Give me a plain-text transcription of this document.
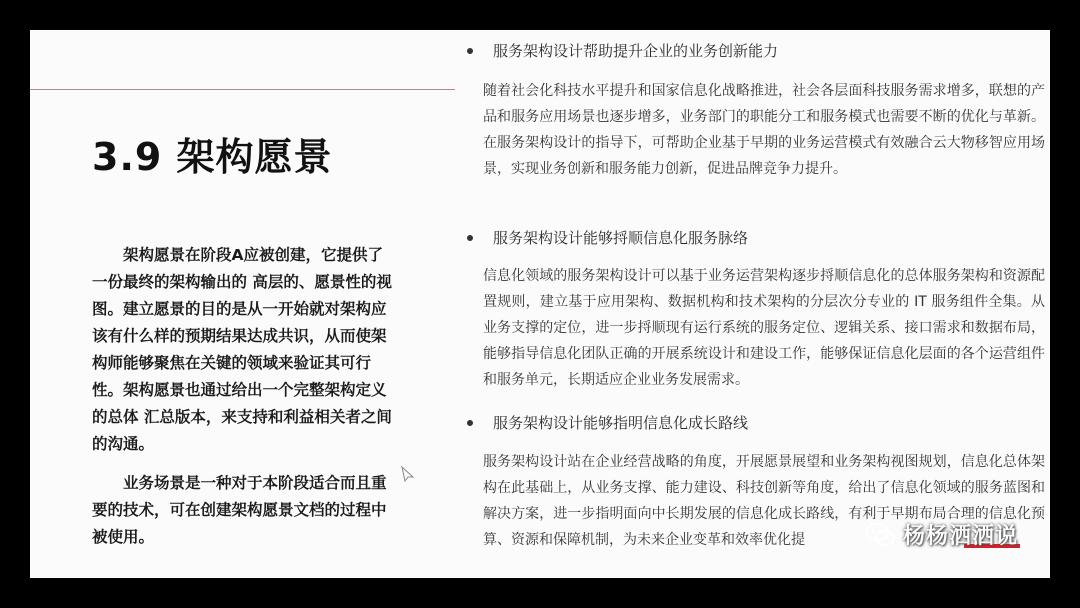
3.9 架构愿景

架构愿景在阶段A应被创建，它提供了一份最终的架构输出的 高层的、愿景性的视图。建立愿景的目的是从一开始就对架构应该有什么样的预期结果达成共识，从而使架构师能够聚焦在关键的领域来验证其可行性。架构愿景也通过给出一个完整架构定义的总体 汇总版本，来支持和利益相关者之间的沟通。

业务场景是一种对于本阶段适合而且重要的技术，可在创建架构愿景文档的过程中被使用。

服务架构设计帮助提升企业的业务创新能力

随着社会化科技水平提升和国家信息化战略推进，社会各层面科技服务需求增多，联想的产品和服务应用场景也逐步增多，业务部门的职能分工和服务模式也需要不断的优化与革新。在服务架构设计的指导下，可帮助企业基于早期的业务运营模式有效融合云大物移智应用场景，实现业务创新和服务能力创新，促进品牌竞争力提升。

服务架构设计能够捋顺信息化服务脉络

信息化领域的服务架构设计可以基于业务运营架构逐步捋顺信息化的总体服务架构和资源配置规则，建立基于应用架构、数据机构和技术架构的分层次分专业的 IT 服务组件全集。从业务支撑的定位，进一步捋顺现有运行系统的服务定位、逻辑关系、接口需求和数据布局，能够指导信息化团队正确的开展系统设计和建设工作，能够保证信息化层面的各个运营组件和服务单元，长期适应企业业务发展需求。

服务架构设计能够指明信息化成长路线

服务架构设计站在企业经营战略的角度，开展愿景展望和业务架构视图规划，信息化总体架构在此基础上，从业务支撑、能力建设、科技创新等角度，给出了信息化领域的服务蓝图和解决方案，进一步指明面向中长期发展的信息化成长路线，有利于早期布局合理的信息化预算、资源和保障机制，为未来企业变革和效率优化提	杨杨洒洒说
